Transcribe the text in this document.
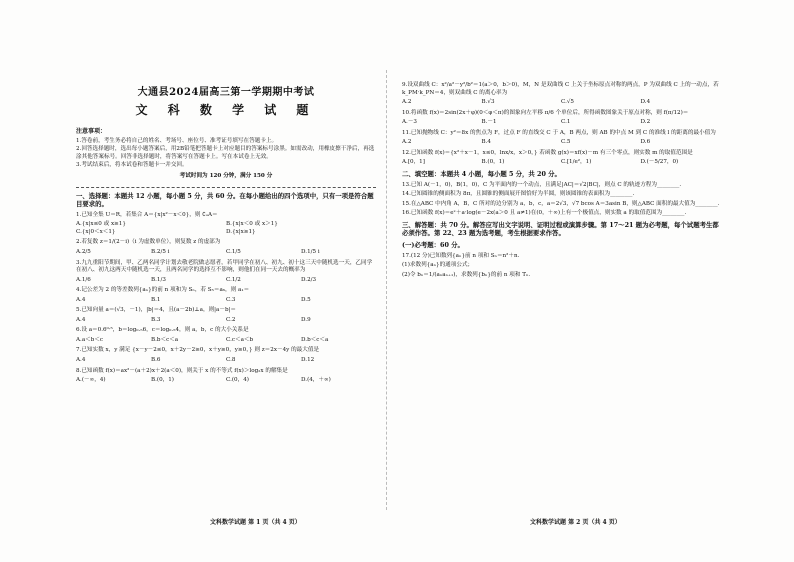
大通县2024届高三第一学期期中考试
文 科 数 学 试 题
注意事项：

1.答卷前，考生务必将自己的姓名、考场号、座位号、准考证号填写在答题卡上。

2.回答选择题时，选出每小题答案后，用2B铅笔把答题卡上对应题目的答案标号涂黑。如需改动，用橡皮擦干净后，再选涂其他答案标号。回答非选择题时，将答案写在答题卡上。写在本试卷上无效。

3.考试结束后，将本试卷和答题卡一并交回。

考试时间为 120 分钟，满分 150 分
一、选择题：本题共 12 小题，每小题 5 分，共 60 分。在每小题给出的四个选项中，只有一项是符合题目要求的。
1.已知全集 U＝R，若集合 A＝{x|x²－x＜0}，则 ∁ᵤA＝
A.{x|x≤0 或 x≥1}	B.{x|x＜0 或 x＞1}
C.{x|0＜x＜1}	D.{x|x≥1}
2.若复数 z＝1/(2－i)（i 为虚数单位），则复数 z 的虚部为
A.2/5	B.2/5 i	C.1/5	D.1/5 i
3.九九重阳节期间，甲、乙两名同学计划去敬老院做志愿者，若甲同学在初八、初九、初十这三天中随机选一天，乙同学在初八、初九这两天中随机选一天，且两名同学的选择互不影响，则他们在同一天去的概率为
A.1/6	B.1/3	C.1/2	D.2/3
4.记公差为 2 的等差数列{aₙ}的前 n 项和为 Sₙ，若 S₅＝a₆，则 a₁＝
A.4	B.1	C.3	D.5
5.已知向量 a＝(√3，－1)，|b|＝4，且(a－2b)⊥a，则|a－b|＝
A.4	B.3	C.2	D.9
6.设 a＝0.6⁰·⁵，b＝log₀.₅6，c＝log₀.₅4，则 a，b，c 的大小关系是
A.a＜b＜c	B.b＜c＜a	C.c＜a＜b	D.b＜c＜a
7.已知实数 x，y 满足 {x－y－2≤0，x＋2y－2≥0，x＋y≥0，y≥0，} 则 z＝2x－4y 的最大值是
A.4	B.6	C.8	D.12
8.已知函数 f(x)＝ax²－(a＋2)x＋2(a＜0)，则关于 x 的不等式 f(x)＞log₂x 的解集是
A.(－∞，4)	B.(0，1)	C.(0，4)	D.(4，＋∞)
9.设双曲线 C：x²/a²－y²/b²＝1(a＞0，b＞0)，M，N 是双曲线 C 上关于坐标原点对称的两点，P 为双曲线 C 上的一动点，若 k_PM·k_PN＝4，则双曲线 C 的离心率为
A.2	B.√3	C.√5	D.4
10.将函数 f(x)＝2sin(2x＋φ)(0＜φ＜π)的图象向左平移 π/6 个单位后，所得函数图象关于原点对称，则 f(π/12)＝
A.－3	B.－1	C.1	D.2
11.已知抛物线 C：y²＝8x 的焦点为 F，过点 F 的直线交 C 于 A，B 两点，则 AB 的中点 M 到 C 的准线 l 的距离的最小值为
A.2	B.4	C.5	D.6
12.已知函数 f(x)＝{x²＋x－1，x≤0，lnx/x，x＞0，} 若函数 g(x)＝xf(x)－m 有三个零点，则实数 m 的取值范围是
A.[0，1]	B.(0，1)	C.[1/e²，1)	D.(－5/27，0)
二、填空题：本题共 4 小题，每小题 5 分，共 20 分。
13.已知 A(－1，0)，B(1，0)，C 为平面内的一个动点，且满足|AC|＝√2|BC|，则点 C 的轨迹方程为________.
14.已知圆锥的侧面积为 8π，且圆锥的侧面展开图恰好为半圆，则该圆锥的表面积为________.
15.在△ABC 中内角 A，B，C 所对的边分别为 a，b，c，a＝2√3，√7 bcos A＝3asin B，则△ABC 面积的最大值为________.
16.已知函数 f(x)＝eˣ＋a·log(e－2x(a＞0 且 a≠1)在(0，＋∞)上有一个极值点，则实数 a 的取值范围为________.
三、解答题：共 70 分。解答应写出文字说明、证明过程或演算步骤。第 17～21 题为必考题，每个试题考生都必须作答。第 22、23 题为选考题，考生根据要求作答。
(一)必考题：60 分。
17.(12 分)已知数列{aₙ}前 n 项和 Sₙ＝n²＋n.
(1)求数列{aₙ}的通项公式；
(2)令 bₙ＝1/(aₙaₙ₊₁)，求数列{bₙ}的前 n 项和 Tₙ.
文科数学试题 第 1 页（共 4 页）	文科数学试题 第 2 页（共 4 页）
